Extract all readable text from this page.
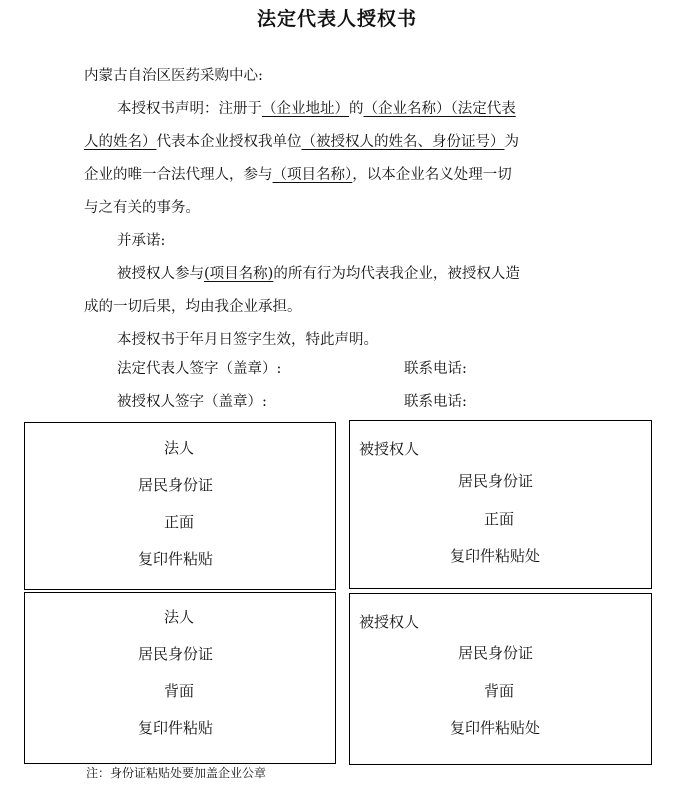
法定代表人授权书
内蒙古自治区医药采购中心:
本授权书声明：注册于（企业地址）的（企业名称）（法定代表
人的姓名）代表本企业授权我单位（被授权人的姓名、身份证号）为
企业的唯一合法代理人，参与（项目名称），以本企业名义处理一切
与之有关的事务。
并承诺:
被授权人参与(项目名称)的所有行为均代表我企业，被授权人造
成的一切后果，均由我企业承担。
本授权书于年月日签字生效，特此声明。
法定代表人签字（盖章）:	联系电话:
被授权人签字（盖章）:	联系电话:
法人
居民身份证
正面
复印件粘贴
被授权人
居民身份证
正面
复印件粘贴处
法人
居民身份证
背面
复印件粘贴
被授权人
居民身份证
背面
复印件粘贴处
注：身份证粘贴处要加盖企业公章
